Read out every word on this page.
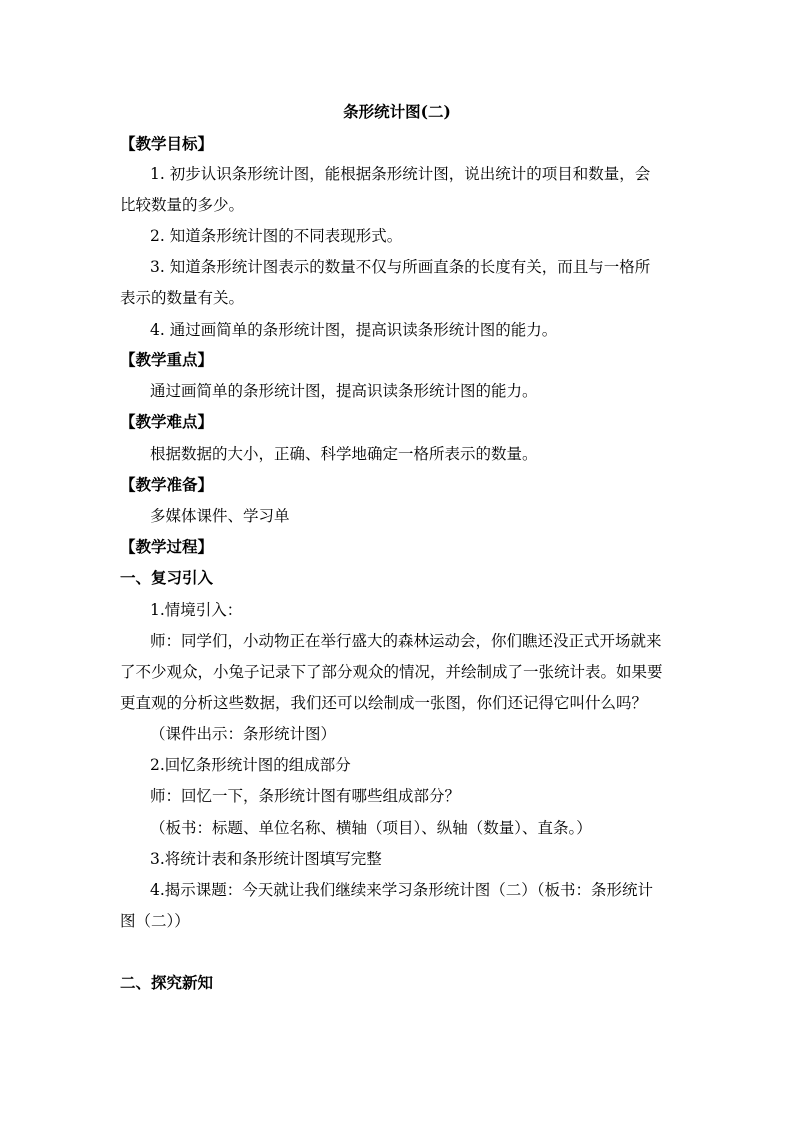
条形统计图(二)
【教学目标】
1. 初步认识条形统计图，能根据条形统计图，说出统计的项目和数量，会
比较数量的多少。
2. 知道条形统计图的不同表现形式。
3. 知道条形统计图表示的数量不仅与所画直条的长度有关，而且与一格所
表示的数量有关。
4. 通过画简单的条形统计图，提高识读条形统计图的能力。
【教学重点】
通过画简单的条形统计图，提高识读条形统计图的能力。
【教学难点】
根据数据的大小，正确、科学地确定一格所表示的数量。
【教学准备】
多媒体课件、学习单
【教学过程】
一、复习引入
1.情境引入：
师：同学们，小动物正在举行盛大的森林运动会，你们瞧还没正式开场就来
了不少观众，小兔子记录下了部分观众的情况，并绘制成了一张统计表。如果要
更直观的分析这些数据，我们还可以绘制成一张图，你们还记得它叫什么吗？
（课件出示：条形统计图）
2.回忆条形统计图的组成部分
师：回忆一下，条形统计图有哪些组成部分？
（板书：标题、单位名称、横轴（项目）、纵轴（数量）、直条。）
3.将统计表和条形统计图填写完整
4.揭示课题：今天就让我们继续来学习条形统计图（二）（板书：条形统计
图（二））
二、探究新知
